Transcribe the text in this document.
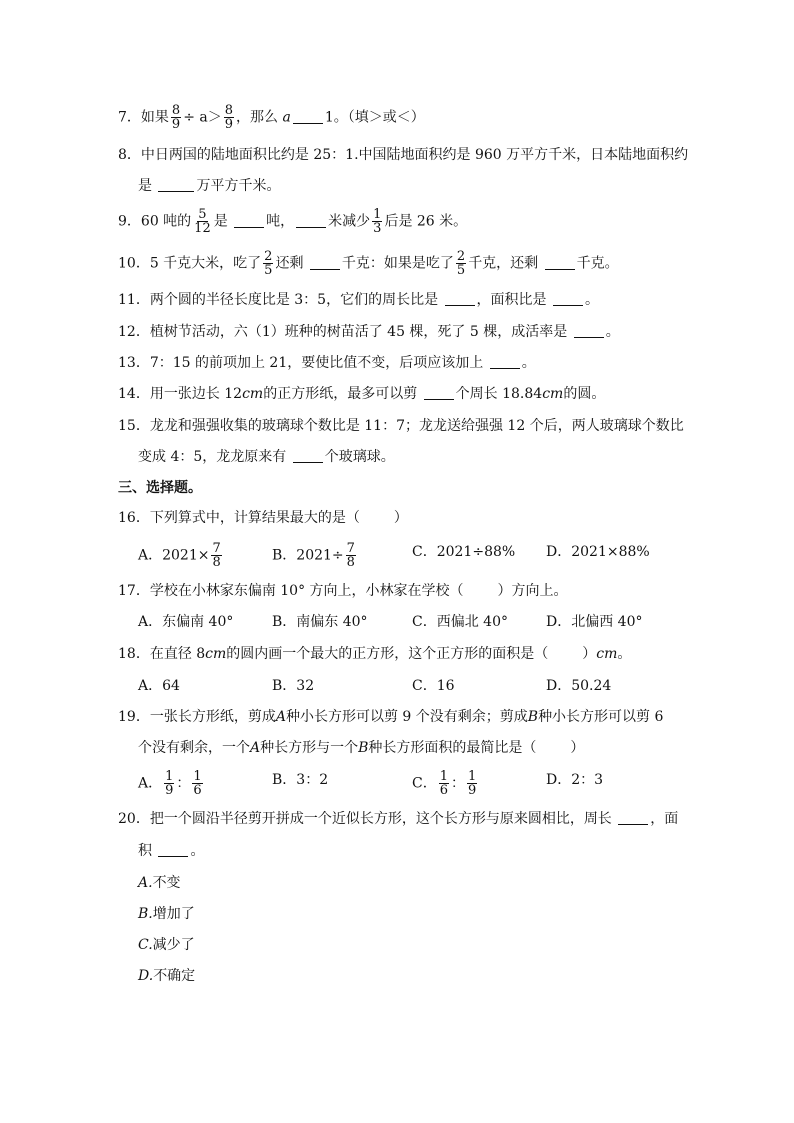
7．如果 $\frac{8}{9} \div a> \frac{8}{9}$ ，那么 a 1。（填＞或＜）
8．中日两国的陆地面积比约是 25：1.中国陆地面积约是 960 万平方千米，日本陆地面积约
是	万平方千米。
9．60 吨的 $\frac{5}{12}$ 是	吨， 米减少 $\frac{1}{3}$ 后是 26 米。
10．5 千克大米，吃了 $\frac{2}{5}$ 还剩	千克：如果是吃了 $\frac{2}{5}$ 千克，还剩	千克。
11．两个圆的半径长度比是 3：5，它们的周长比是	，面积比是	。
12．植树节活动，六（1）班种的树苗活了 45 棵，死了 5 棵，成活率是	。
13．7：15 的前项加上 21，要使比值不变，后项应该加上	。
14．用一张边长 12cm的正方形纸，最多可以剪	个周长 18.84cm的圆。
15．龙龙和强强收集的玻璃球个数比是 11：7；龙龙送给强强 12 个后，两人玻璃球个数比
变成 4：5，龙龙原来有	个玻璃球。
三、选择题。
16．下列算式中，计算结果最大的是（ ）
A．$2021\times \frac{7}{8}$	B．$2021\div \frac{7}{8}$	C．2021÷88% D．2021×88%
17．学校在小林家东偏南 10° 方向上，小林家在学校（ ）方向上。
A．东偏南 40°	B．南偏东 40°	C．西偏北 40°	D．北偏西 40°
18．在直径 8cm的圆内画一个最大的正方形，这个正方形的面积是（ ）cm。
A．64	B．32	C．16	D．50.24
19．一张长方形纸，剪成A种小长方形可以剪 9 个没有剩余；剪成B种小长方形可以剪 6
个没有剩余，一个A种长方形与一个B种长方形面积的最简比是（ ）
A． $\frac{1}{9}$ ： $\frac{1}{6}$	B．3：2	C． $\frac{1}{6}$ ： $\frac{1}{9}$	D．2：3
20．把一个圆沿半径剪开拼成一个近似长方形，这个长方形与原来圆相比，周长	，面
积	。
A.不变
B.增加了
C.减少了
D.不确定
